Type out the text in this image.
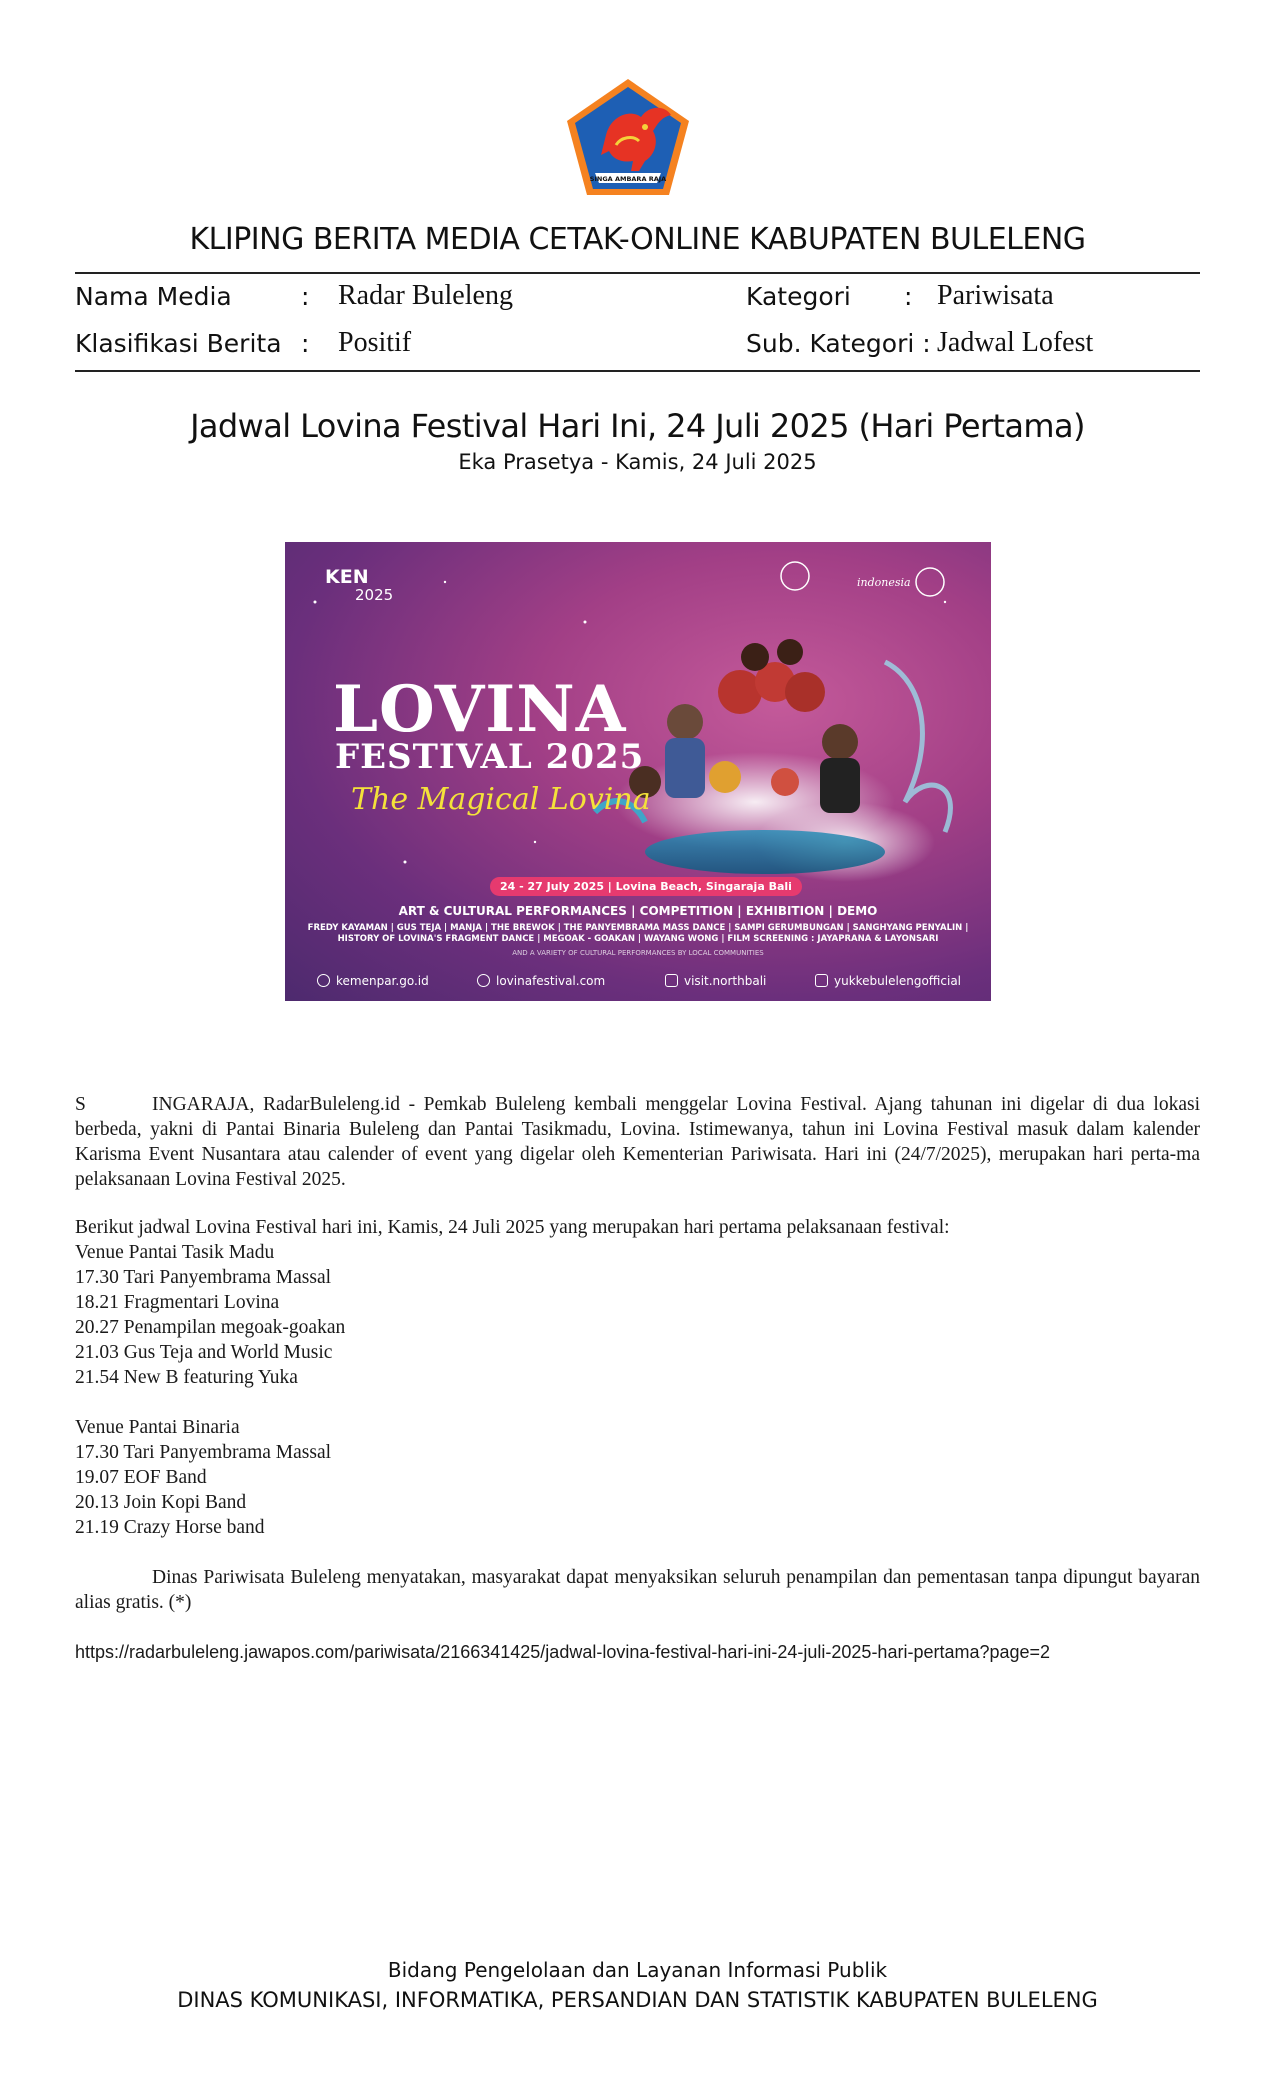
SINGA AMBARA RAJA
KLIPING BERITA MEDIA CETAK-ONLINE KABUPATEN BULELENG
Nama Media	: Radar Buleleng	Kategori : Pariwisata
Klasifikasi Berita : Positif	Sub. Kategori : Jadwal Lofest
Jadwal Lovina Festival Hari Ini, 24 Juli 2025 (Hari Pertama)
Eka Prasetya - Kamis, 24 Juli 2025
indonesia
KEN
2025
LOVINA
FESTIVAL 2025
The Magical Lovina
24 - 27 July 2025 | Lovina Beach, Singaraja Bali
ART & CULTURAL PERFORMANCES | COMPETITION | EXHIBITION | DEMO
FREDY KAYAMAN | GUS TEJA | MANJA | THE BREWOK | THE PANYEMBRAMA MASS DANCE | SAMPI GERUMBUNGAN | SANGHYANG PENYALIN |
HISTORY OF LOVINA'S FRAGMENT DANCE | MEGOAK - GOAKAN | WAYANG WONG | FILM SCREENING : JAYAPRANA & LAYONSARI
AND A VARIETY OF CULTURAL PERFORMANCES BY LOCAL COMMUNITIES
kemenpar.go.id	lovinafestival.com	visit.northbali	yukkebulelengofficial
S	INGARAJA, RadarBuleleng.id - Pemkab Buleleng kembali menggelar Lovina Festival. Ajang tahunan ini digelar di dua lokasi berbeda, yakni di Pantai Binaria Buleleng dan Pantai Tasikmadu, Lovina. Istimewanya, tahun ini Lovina Festival masuk dalam kalender Karisma Event Nusantara atau calender of event yang digelar oleh Kementerian Pariwisata. Hari ini (24/7/2025), merupakan hari perta-ma pelaksanaan Lovina Festival 2025.
Berikut jadwal Lovina Festival hari ini, Kamis, 24 Juli 2025 yang merupakan hari pertama pelaksanaan festival:
Venue Pantai Tasik Madu
17.30 Tari Panyembrama Massal
18.21 Fragmentari Lovina
20.27 Penampilan megoak-goakan
21.03 Gus Teja and World Music
21.54 New B featuring Yuka
Venue Pantai Binaria
17.30 Tari Panyembrama Massal
19.07 EOF Band
20.13 Join Kopi Band
21.19 Crazy Horse band
Dinas Pariwisata Buleleng menyatakan, masyarakat dapat menyaksikan seluruh penampilan dan pementasan tanpa dipungut bayaran alias gratis. (*)
https://radarbuleleng.jawapos.com/pariwisata/2166341425/jadwal-lovina-festival-hari-ini-24-juli-2025-hari-pertama?page=2
Bidang Pengelolaan dan Layanan Informasi Publik
DINAS KOMUNIKASI, INFORMATIKA, PERSANDIAN DAN STATISTIK KABUPATEN BULELENG
